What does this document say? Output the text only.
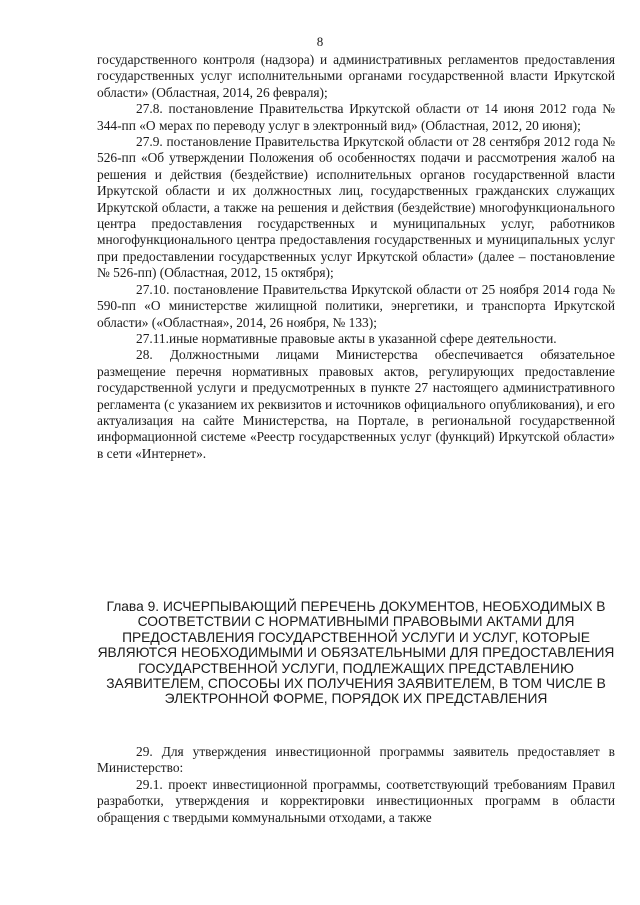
8

государственного контроля (надзора) и административных регламентов предоставления государственных услуг исполнительными органами государственной власти Иркутской области» (Областная, 2014, 26 февраля);

27.8. постановление Правительства Иркутской области от 14 июня 2012 года № 344-пп «О мерах по переводу услуг в электронный вид» (Областная, 2012, 20 июня);

27.9. постановление Правительства Иркутской области от 28 сентября 2012 года № 526-пп «Об утверждении Положения об особенностях подачи и рассмотрения жалоб на решения и действия (бездействие) исполнительных органов государственной власти Иркутской области и их должностных лиц, государственных гражданских служащих Иркутской области, а также на решения и действия (бездействие) многофункционального центра предоставления государственных и муниципальных услуг, работников многофункционального центра предоставления государственных и муниципальных услуг при предоставлении государственных услуг Иркутской области» (далее – постановление № 526-пп) (Областная, 2012, 15 октября);

27.10. постановление Правительства Иркутской области от 25 ноября 2014 года № 590-пп «О министерстве жилищной политики, энергетики, и транспорта Иркутской области» («Областная», 2014, 26 ноября, № 133);

27.11.иные нормативные правовые акты в указанной сфере деятельности.

28. Должностными лицами Министерства обеспечивается обязательное размещение перечня нормативных правовых актов, регулирующих предоставление государственной услуги и предусмотренных в пункте 27 настоящего административного регламента (с указанием их реквизитов и источников официального опубликования), и его актуализация на сайте Министерства, на Портале, в региональной государственной информационной системе «Реестр государственных услуг (функций) Иркутской области» в сети «Интернет».

Глава 9. ИСЧЕРПЫВАЮЩИЙ ПЕРЕЧЕНЬ ДОКУМЕНТОВ, НЕОБХОДИМЫХ В СООТВЕТСТВИИ С НОРМАТИВНЫМИ ПРАВОВЫМИ АКТАМИ ДЛЯ ПРЕДОСТАВЛЕНИЯ ГОСУДАРСТВЕННОЙ УСЛУГИ И УСЛУГ, КОТОРЫЕ ЯВЛЯЮТСЯ НЕОБХОДИМЫМИ И ОБЯЗАТЕЛЬНЫМИ ДЛЯ ПРЕДОСТАВЛЕНИЯ ГОСУДАРСТВЕННОЙ УСЛУГИ, ПОДЛЕЖАЩИХ ПРЕДСТАВЛЕНИЮ ЗАЯВИТЕЛЕМ, СПОСОБЫ ИХ ПОЛУЧЕНИЯ ЗАЯВИТЕЛЕМ, В ТОМ ЧИСЛЕ В ЭЛЕКТРОННОЙ ФОРМЕ, ПОРЯДОК ИХ ПРЕДСТАВЛЕНИЯ

29. Для утверждения инвестиционной программы заявитель предоставляет в Министерство:

29.1. проект инвестиционной программы, соответствующий требованиям Правил разработки, утверждения и корректировки инвестиционных программ в области обращения с твердыми коммунальными отходами, а также
